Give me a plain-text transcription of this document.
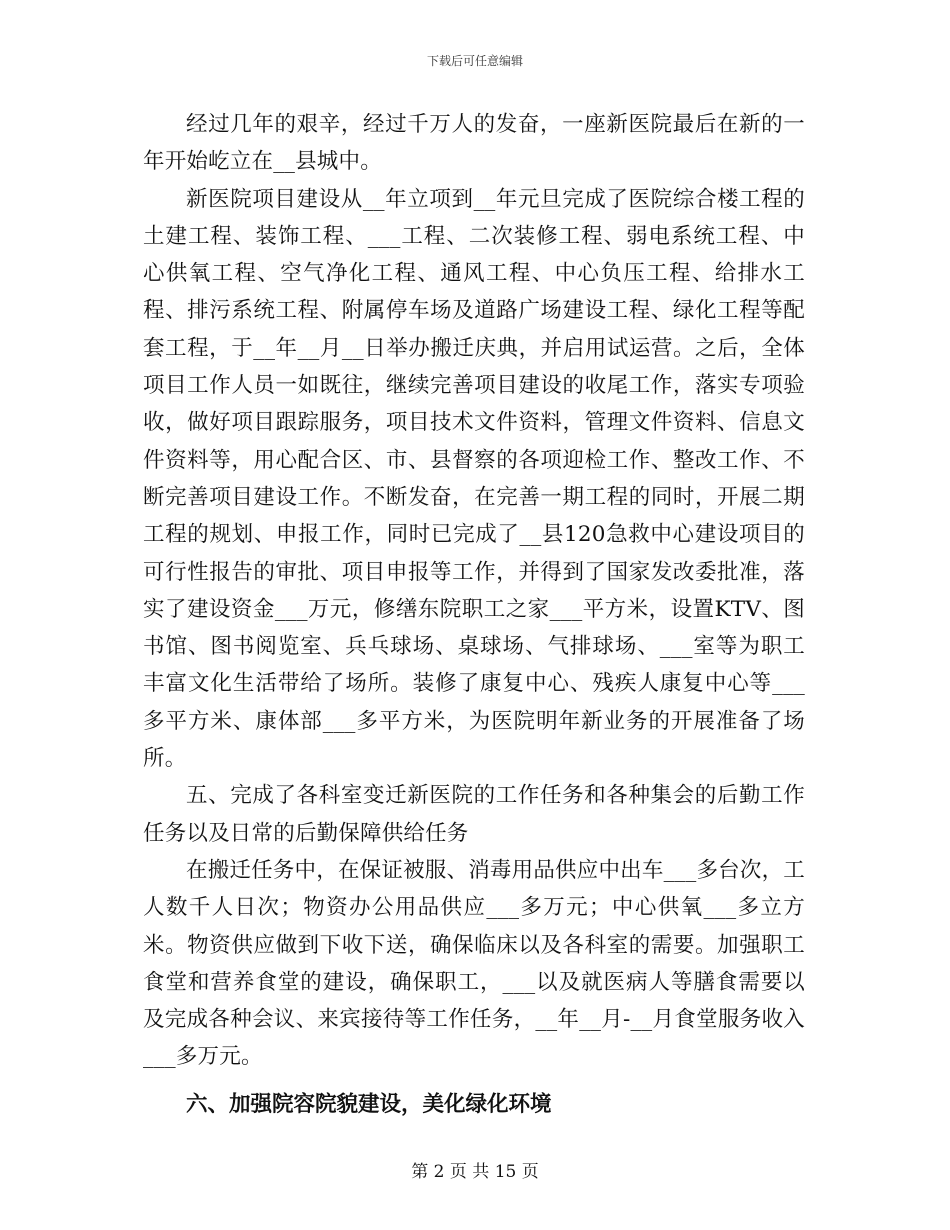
下载后可任意编辑

经过几年的艰辛，经过千万人的发奋，一座新医院最后在新的一年开始屹立在__县城中。

新医院项目建设从__年立项到__年元旦完成了医院综合楼工程的土建工程、装饰工程、___工程、二次装修工程、弱电系统工程、中心供氧工程、空气净化工程、通风工程、中心负压工程、给排水工程、排污系统工程、附属停车场及道路广场建设工程、绿化工程等配套工程，于__年__月__日举办搬迁庆典，并启用试运营。之后，全体项目工作人员一如既往，继续完善项目建设的收尾工作，落实专项验收，做好项目跟踪服务，项目技术文件资料，管理文件资料、信息文件资料等，用心配合区、市、县督察的各项迎检工作、整改工作、不断完善项目建设工作。不断发奋，在完善一期工程的同时，开展二期工程的规划、申报工作，同时已完成了__县120急救中心建设项目的可行性报告的审批、项目申报等工作，并得到了国家发改委批准，落实了建设资金___万元，修缮东院职工之家___平方米，设置KTV、图书馆、图书阅览室、兵乓球场、桌球场、气排球场、___室等为职工丰富文化生活带给了场所。装修了康复中心、残疾人康复中心等___多平方米、康体部___多平方米，为医院明年新业务的开展准备了场所。

五、完成了各科室变迁新医院的工作任务和各种集会的后勤工作任务以及日常的后勤保障供给任务

在搬迁任务中，在保证被服、消毒用品供应中出车___多台次，工人数千人日次；物资办公用品供应___多万元；中心供氧___多立方米。物资供应做到下收下送，确保临床以及各科室的需要。加强职工食堂和营养食堂的建设，确保职工，___以及就医病人等膳食需要以及完成各种会议、来宾接待等工作任务，__年__月-__月食堂服务收入___多万元。

六、加强院容院貌建设，美化绿化环境

第 2 页 共 15 页
